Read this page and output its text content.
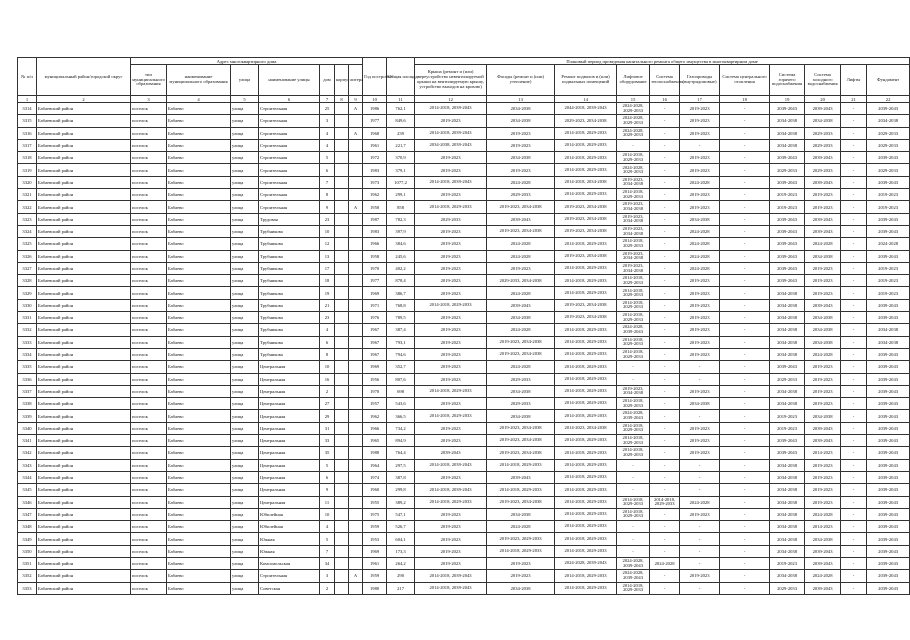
№ п/п	муниципальный район/городской округ	Адрес многоквартирного дома							Год постройки	Общая площадь	Плановый период проведения капитального ремонта общего имущества в многоквартирном доме										
		тип муниципального образования	наименование муниципального образования	улица	наименование улицы	дом	корпус	литера			Крыша (ремонт и (или) переустройство невентилируемой крыши на вентилируемую крышу, устройство выходов на кровлю)	Фасады (ремонт и (или) утепление)	Ремонт подвалов и (или) подвальных помещений	Лифтовое оборудование	Система теплоснабжения	Газопроводы (внутридомовые)	Система центрального отопления	Система горячего водоснабжения	Система холодного водоснабжения	Лифты	Фундамент
1	2	3	4	5	6	7	8	9	10	11	12	13	14	15	16	17	18	19	20	21	22
3314	Бабаевский район	поселок	Бабаево	улица	Строительная	25		А	1986	762,1	2014-2018, 2039-2043	2034-2038	2044-2018, 2039-2043	2024-2028, 2029-2033	-	2019-2023	-	2039-2043	2039-2043	-	2039-2043
3315	Бабаевский район	поселок	Бабаево	улица	Строительная	3			1977	849,6	2019-2023	2034-2038	2029-2023, 2034-2038	2024-2028, 2029-2033	-	2019-2023	-	2034-2038	2034-2038	-	2034-2038
3316	Бабаевский район	поселок	Бабаево	улица	Строительная	4		А	1968	239	2014-2018, 2039-2043	2019-2023	2014-2018, 2029-2033	2024-2028, 2029-2033	-	2019-2023	-	2034-2038	2029-2033	-	2029-2033
3317	Бабаевский район	поселок	Бабаево	улица	Строительная	4			1961	221,7	2034-2038, 2039-2043	2019-2023	2014-2018, 2029-2033	-	-	-	-	2034-2038	2029-2033	-	2029-2033
3318	Бабаевский район	поселок	Бабаево	улица	Строительная	5			1972	370,9	2019-2023	2034-2038	2014-2018, 2029-2033	2014-2018, 2029-2033	-	2019-2023	-	2039-2043	2039-2043	-	2039-2043
3319	Бабаевский район	поселок	Бабаево	улица	Строительная	6			1983	379,1	2019-2023	2019-2023	2014-2018, 2029-2033	2024-2028, 2029-2033	-	2019-2023	-	2029-2033	2029-2033	-	2029-2033
3320	Бабаевский район	поселок	Бабаево	улица	Строительная	7			1973	1077,2	2014-2018, 2039-2043	2024-2028	2014-2018, 2034-2038	2019-2023, 2034-2038	-	2024-2028	-	2039-2043	2039-2043	-	2039-2043
3321	Бабаевский район	поселок	Бабаево	улица	Строительная	8			1962	299,1	2019-2023	2029-2033	2014-2018, 2029-2033	2014-2018, 2029-2033	-	2019-2023	-	2019-2023	2019-2023	-	2019-2023
3322	Бабаевский район	поселок	Бабаево	улица	Строительная	9		А	1958	858	2014-2018, 2029-2033	2019-2023, 2034-2038	2019-2023, 2034-2038	2019-2023, 2034-2038	-	2019-2023	-	2019-2023	2019-2023	-	2019-2023
3323	Бабаевский район	поселок	Бабаево	улица	Трудовая	23			1987	782,3	2029-2033	2039-2043	2019-2023, 2034-2038	2019-2023, 2034-2038	-	2034-2038	-	2039-2043	2039-2043	-	2039-2043
3324	Бабаевский район	поселок	Бабаево	улица	Трубникова	10			1983	397,9	2019-2023	2019-2023, 2034-2038	2019-2023, 2034-2038	2019-2023, 2034-2038	-	2024-2028	-	2039-2043	2039-2043	-	2039-2043
3325	Бабаевский район	поселок	Бабаево	улица	Трубникова	12			1966	384,6	2019-2023	2024-2028	2014-2018, 2029-2033	2014-2018, 2029-2033	-	2024-2028	-	2039-2043	2024-2028	-	2024-2028
3326	Бабаевский район	поселок	Бабаево	улица	Трубникова	13			1958	245,6	2019-2023	2024-2028	2019-2023, 2034-2038	2019-2023, 2034-2038	-	2024-2028	-	2039-2043	2034-2038	-	2039-2043
3327	Бабаевский район	поселок	Бабаево	улица	Трубникова	17			1970	402,2	2019-2023	2019-2023	2014-2018, 2029-2033	2019-2023, 2034-2038	-	2024-2028	-	2039-2043	2019-2023	-	2019-2023
3328	Бабаевский район	поселок	Бабаево	улица	Трубникова	18			1977	878,4	2019-2023	2029-2033, 2034-2038	2014-2018, 2029-2033	2014-2018, 2029-2033	-	2019-2023	-	2039-2043	2019-2023	-	2019-2023
3329	Бабаевский район	поселок	Бабаево	улица	Трубникова	19			1969	386,7	2019-2023	2024-2028	2014-2018, 2029-2033	2014-2018, 2029-2033	-	2019-2023	-	2034-2038	2019-2023	-	2019-2023
3330	Бабаевский район	поселок	Бабаево	улица	Трубникова	21			1971	768,8	2014-2018, 2029-2033	2039-2043	2019-2023, 2034-2038	2014-2018, 2029-2033	-	2019-2023	-	2034-2038	2039-2043	-	2039-2043
3331	Бабаевский район	поселок	Бабаево	улица	Трубникова	23			1976	789,5	2019-2023	2034-2038	2019-2023, 2034-2038	2014-2018, 2029-2033	-	2019-2023	-	2034-2038	2034-2038	-	2039-2043
3332	Бабаевский район	поселок	Бабаево	улица	Трубникова	4			1967	387,4	2019-2023	2024-2028	2014-2018, 2029-2033	2024-2028, 2039-2043	-	2019-2023	-	2034-2038	2034-2038	-	2034-2038
3333	Бабаевский район	поселок	Бабаево	улица	Трубникова	6			1967	793,1	2019-2023	2019-2023, 2034-2038	2014-2018, 2029-2033	2014-2018, 2029-2033	-	2019-2023	-	2034-2038	2034-2038	-	2034-2038
3334	Бабаевский район	поселок	Бабаево	улица	Трубникова	8			1967	794,6	2019-2023	2019-2023, 2034-2038	2014-2018, 2029-2033	2014-2018, 2029-2033	-	2019-2023	-	2034-2038	2024-2028	-	2039-2043
3335	Бабаевский район	поселок	Бабаево	улица	Центральная	10			1969	352,7	2019-2023	2024-2028	2014-2018, 2029-2033	-	-	-	-	2039-2043	2019-2023	-	2039-2043
3336	Бабаевский район	поселок	Бабаево	улица	Центральная	16			1956	807,6	2019-2023	2029-2033	2014-2018, 2029-2033	-	-	-	-	2029-2033	2019-2023	-	2039-2043
3337	Бабаевский район	поселок	Бабаево	улица	Центральная	2			1970	698	2014-2018, 2029-2033	2034-2038	2014-2018, 2029-2033	2019-2023, 2034-2038	-	2019-2023	-	2034-2038	2019-2023	-	2039-2043
3338	Бабаевский район	поселок	Бабаево	улица	Центральная	27			1957	543,6	2019-2023	2029-2033	2014-2018, 2029-2033	2014-2018, 2029-2033	-	2034-2038	-	2034-2038	2019-2023	-	2039-2043
3339	Бабаевский район	поселок	Бабаево	улица	Центральная	29			1962	366,5	2014-2018, 2029-2033	2034-2038	2014-2018, 2029-2033	2024-2028, 2039-2043	-	-	-	2019-2023	2034-2038	-	2039-2043
3340	Бабаевский район	поселок	Бабаево	улица	Центральная	31			1966	734,2	2019-2023	2019-2023, 2034-2038	2014-2023, 2034-2038	2014-2018, 2029-2033	-	2019-2023	-	2019-2023	2039-2043	-	2039-2043
3341	Бабаевский район	поселок	Бабаево	улица	Центральная	33			1965	894,9	2019-2023	2019-2023, 2034-2038	2014-2018, 2029-2033	2014-2018, 2029-2033	-	2019-2023	-	2039-2043	2039-2043	-	2039-2043
3342	Бабаевский район	поселок	Бабаево	улица	Центральная	35			1988	764,4	2039-2043	2019-2023, 2034-2038	2014-2018, 2029-2033	2014-2018, 2029-2033	-	2019-2023	-	2039-2043	2014-2023	-	2039-2043
3343	Бабаевский район	поселок	Бабаево	улица	Центральная	5			1964	297,5	2014-2018, 2039-2043	2014-2018, 2029-2033	2014-2018, 2029-2033	-	-	-	-	2034-2038	2019-2023	-	2039-2043
3344	Бабаевский район	поселок	Бабаево	улица	Центральная	6			1974	387,8	2019-2023	2039-2043	2014-2018, 2029-2033	-	-	-	-	2034-2038	2019-2023	-	2039-2043
3345	Бабаевский район	поселок	Бабаево	улица	Центральная	9			1960	299,8	2014-2018, 2039-2043	2014-2018, 2029-2033	2014-2018, 2029-2033	-	-	-	-	2034-2038	2019-2023	-	2039-2043
3346	Бабаевский район	поселок	Бабаево	улица	Центральная	11			1955	389,2	2014-2018, 2029-2033	2019-2023, 2034-2038	2014-2018, 2029-2033	2014-2018, 2029-2033	2014-2018, 2029-2033	2024-2028	-	2034-2038	2019-2023	-	2039-2043
3347	Бабаевский район	поселок	Бабаево	улица	Юбилейная	10			1975	547,1	2019-2023	2034-2038	2014-2018, 2029-2033	2014-2018, 2029-2033	-	2019-2023	-	2034-2038	2024-2028	-	2039-2043
3348	Бабаевский район	поселок	Бабаево	улица	Юбилейная	4			1959	526,7	2019-2023	2024-2028	2014-2018, 2029-2033	-	-	-	-	2034-2038	2014-2023	-	2039-2043
3349	Бабаевский район	поселок	Бабаево	улица	Южная	5			1953	604,1	2019-2023	2019-2023, 2029-2033	2014-2018, 2029-2033	-	-	-	-	2034-2038	2034-2038	-	2039-2043
3350	Бабаевский район	поселок	Бабаево	улица	Южная	7			1969	173,3	2019-2023	2014-2018, 2029-2033	2014-2018, 2029-2033	-	-	-	-	2034-2038	2039-2043	-	2039-2043
3351	Бабаевский район	поселок	Бабаево	улица	Комсомольская	34			1961	264,2	2019-2023	2019-2023	2024-2028, 2039-2043	2024-2028, 2039-2043	2024-2028	-	-	2019-2023	2039-2043	-	2039-2043
3352	Бабаевский район	поселок	Бабаево	улица	Строительная	3		А	1959	290	2014-2018, 2039-2043	2019-2023	2014-2018, 2029-2033	2024-2028, 2039-2043	-	2019-2023	-	2034-2038	2024-2028	-	2039-2043
3353	Бабаевский район	поселок	Бабаево	улица	Советская	2			1980	217	2014-2018, 2039-2043	2034-2038	2014-2018, 2029-2033	2014-2018, 2029-2033	-	-	-	2029-2033	2039-2043	-	2039-2043
